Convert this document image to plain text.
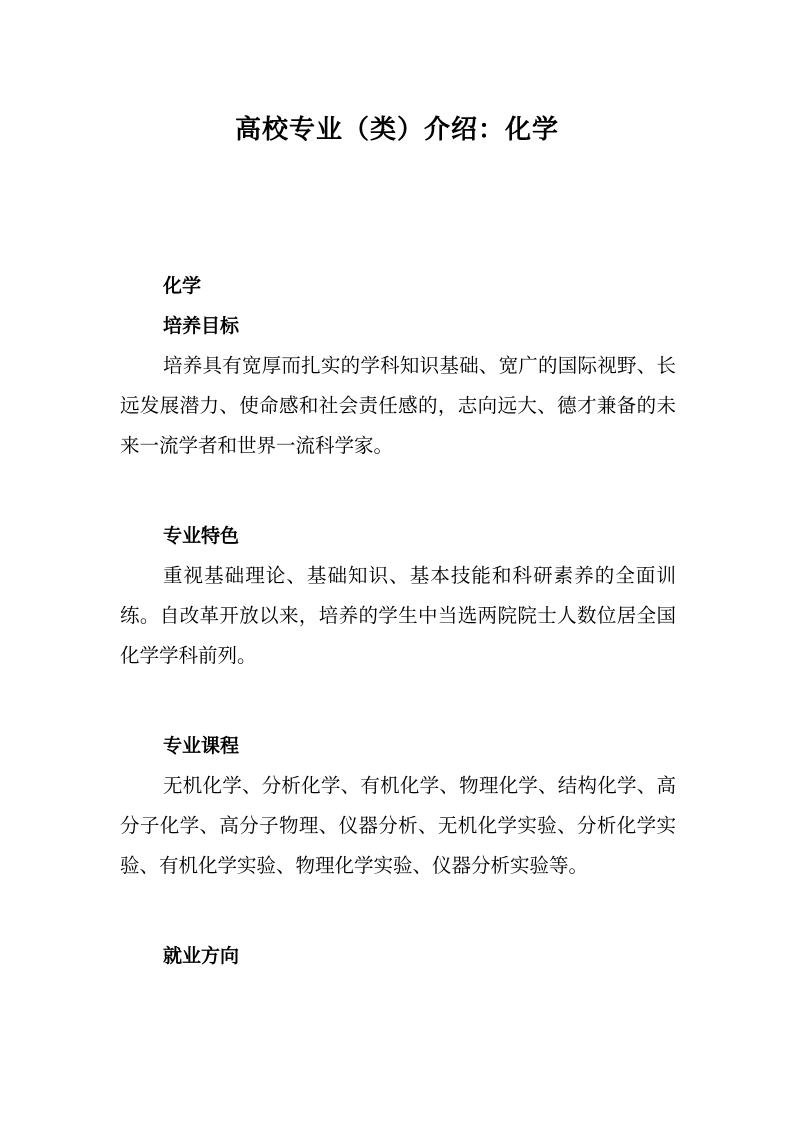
高校专业（类）介绍：化学

化学

培养目标

培养具有宽厚而扎实的学科知识基础、宽广的国际视野、长远发展潜力、使命感和社会责任感的，志向远大、德才兼备的未来一流学者和世界一流科学家。

专业特色

重视基础理论、基础知识、基本技能和科研素养的全面训练。自改革开放以来，培养的学生中当选两院院士人数位居全国化学学科前列。

专业课程

无机化学、分析化学、有机化学、物理化学、结构化学、高分子化学、高分子物理、仪器分析、无机化学实验、分析化学实验、有机化学实验、物理化学实验、仪器分析实验等。

就业方向
